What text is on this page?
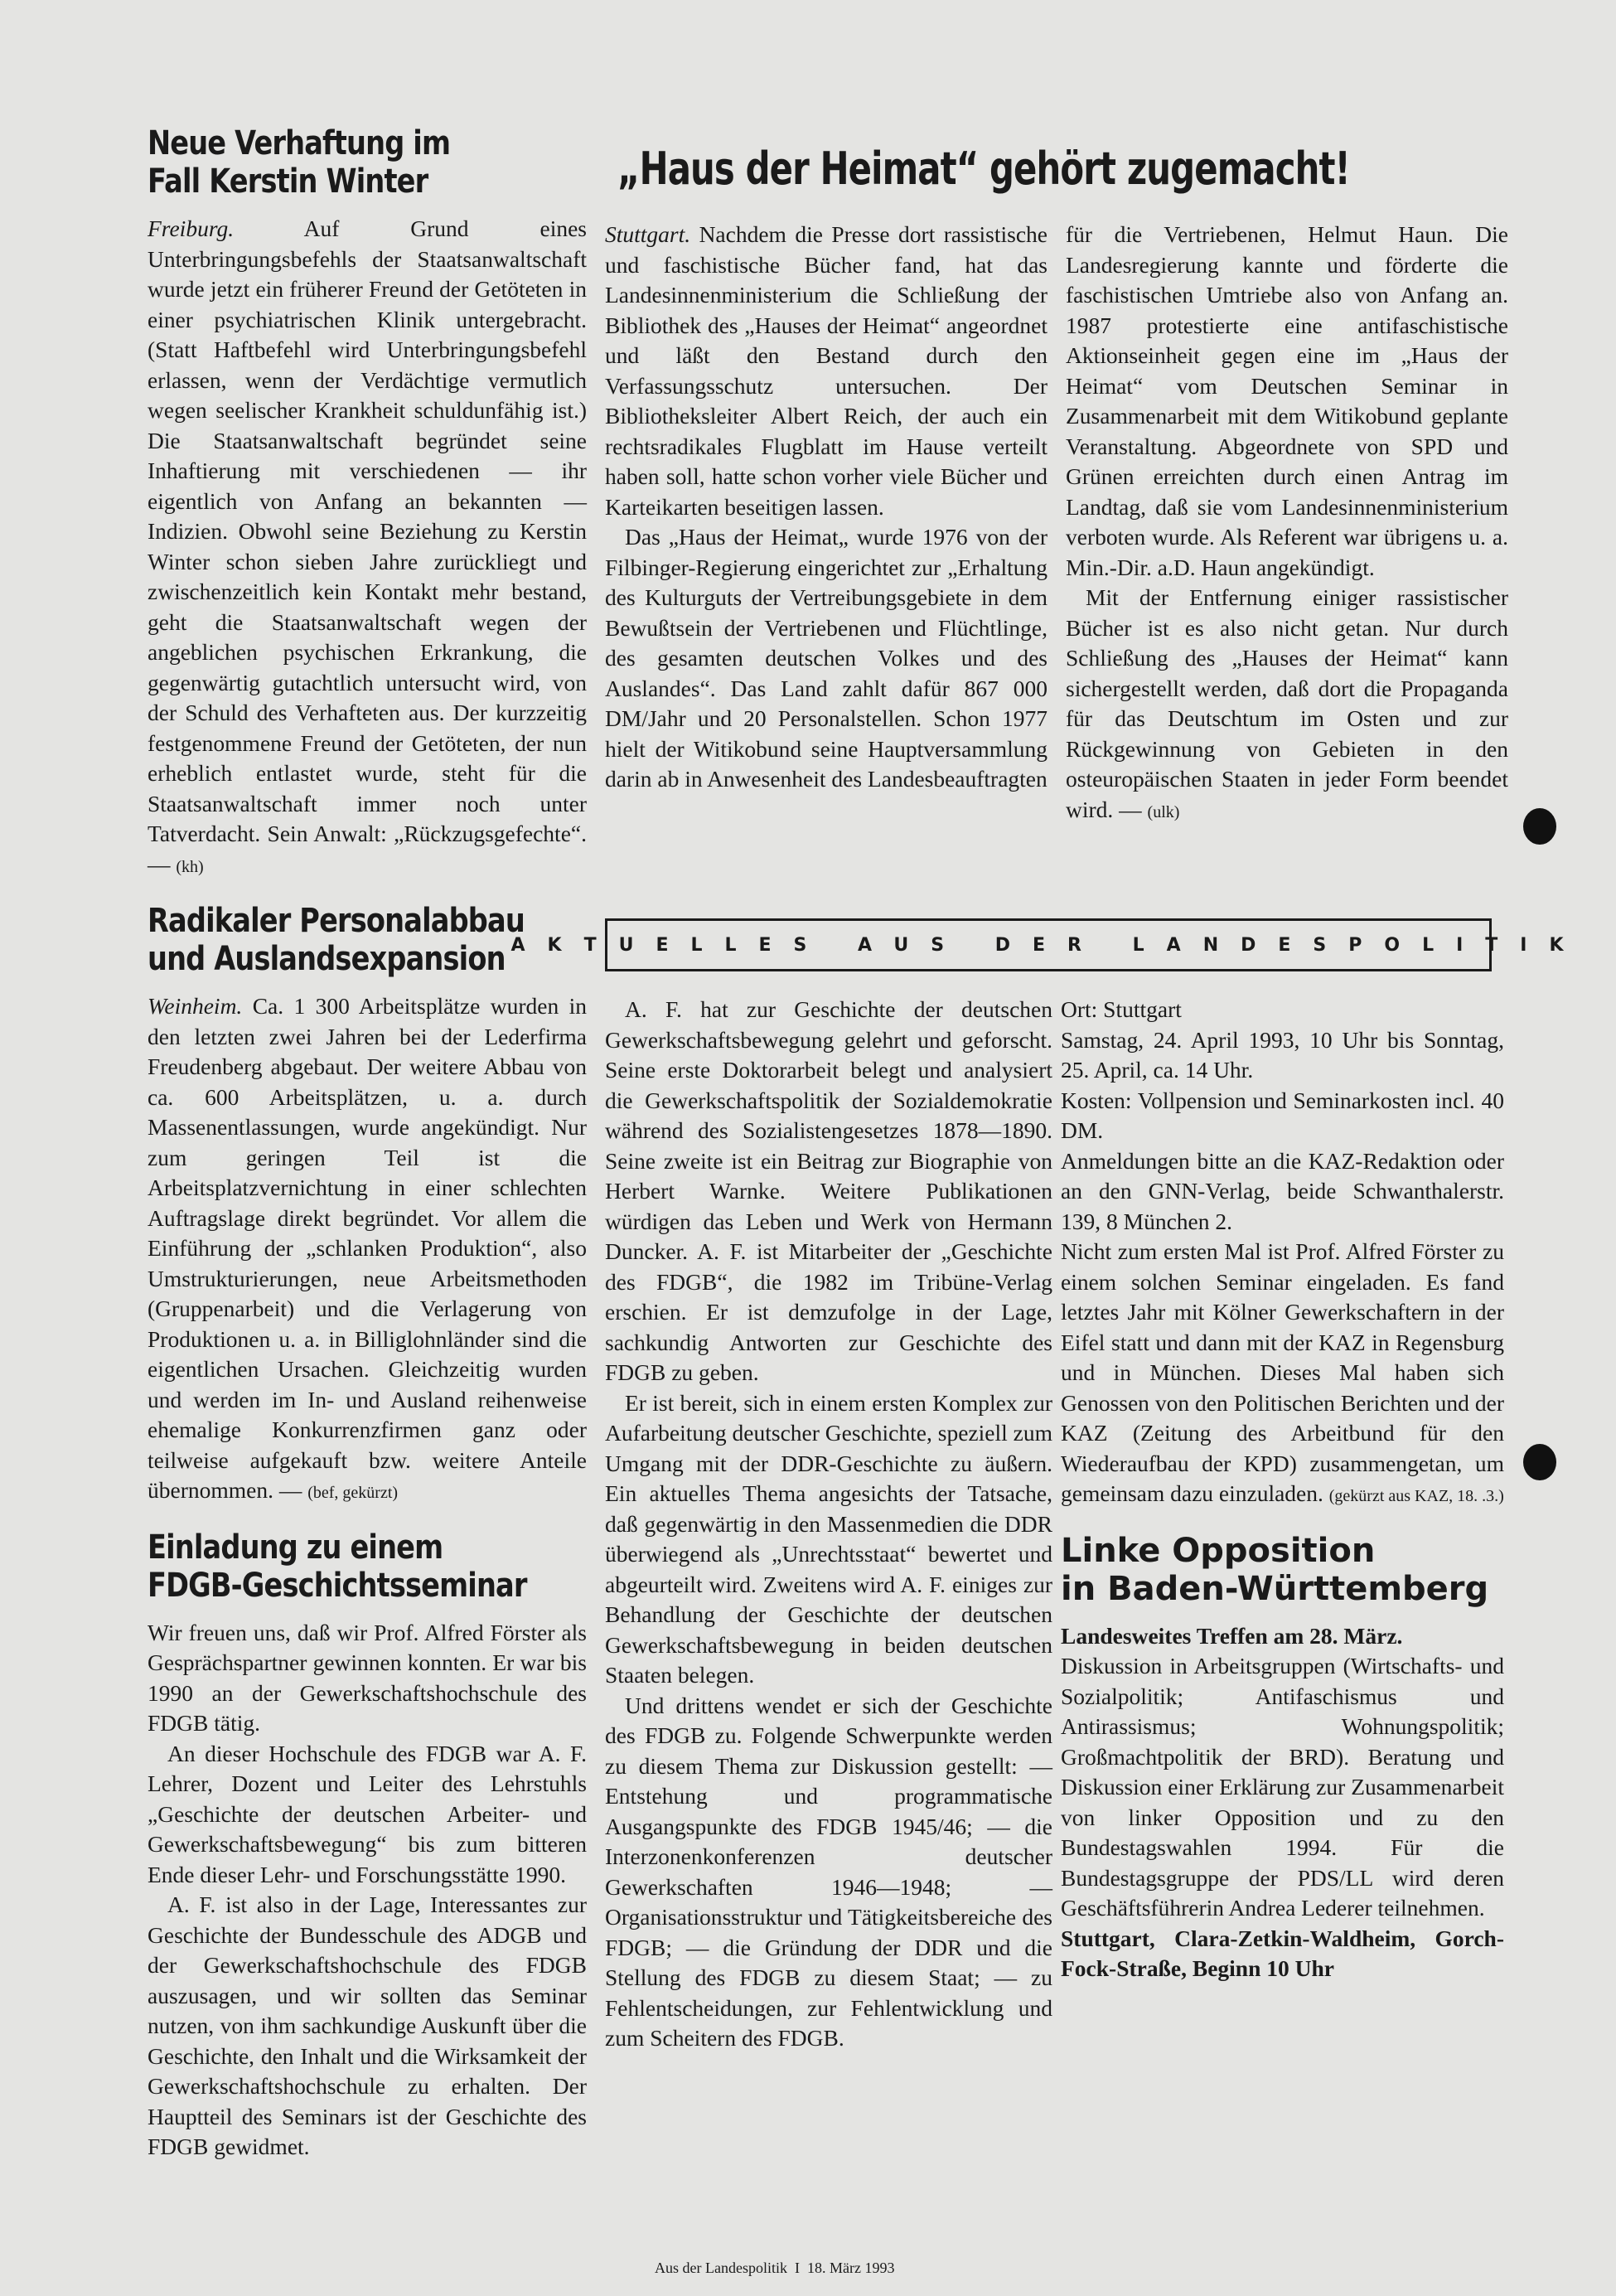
Neue Verhaftung im
Fall Kerstin Winter

Freiburg.	Auf Grund eines Unterbringungsbefehls der Staatsanwaltschaft wurde jetzt ein früherer Freund der Getöteten in einer psychiatrischen Klinik untergebracht. (Statt Haftbefehl wird Unterbringungsbefehl erlassen, wenn der Verdächtige vermutlich wegen seelischer Krankheit schuldunfähig ist.) Die Staatsanwaltschaft begründet seine Inhaftierung mit verschiedenen — ihr eigentlich von Anfang an bekannten — Indizien. Obwohl seine Beziehung zu Kerstin Winter schon sieben Jahre zurückliegt und zwischenzeitlich kein Kontakt mehr bestand, geht die Staatsanwaltschaft wegen der angeblichen psychischen Erkrankung, die gegenwärtig gutachtlich untersucht wird, von der Schuld des Verhafteten aus. Der kurzzeitig festgenommene Freund der Getöteten, der nun erheblich entlastet wurde, steht für die Staatsanwaltschaft immer noch unter Tatverdacht. Sein Anwalt: „Rückzugsgefechte“. — (kh)

Radikaler Personalabbau
und Auslandsexpansion

Weinheim. Ca. 1 300 Arbeitsplätze wurden in den letzten zwei Jahren bei der Lederfirma Freudenberg abgebaut. Der weitere Abbau von ca. 600 Arbeitsplätzen, u. a. durch Massenentlassungen, wurde angekündigt. Nur zum geringen Teil ist die Arbeitsplatzvernichtung in einer schlechten Auftragslage direkt begründet. Vor allem die Einführung der „schlanken Produktion“, also Umstrukturierungen, neue Arbeitsmethoden (Gruppenarbeit) und die Verlagerung von Produktionen u. a. in Billiglohnländer sind die eigentlichen Ursachen. Gleichzeitig wurden und werden im In- und Ausland reihenweise ehemalige Konkurrenzfirmen ganz oder teilweise aufgekauft bzw. weitere Anteile übernommen. — (bef, gekürzt)

Einladung zu einem
FDGB-Geschichtsseminar

Wir freuen uns, daß wir Prof. Alfred Förster als Gesprächspartner gewinnen konnten. Er war bis 1990 an der Gewerkschaftshochschule des FDGB tätig.

An dieser Hochschule des FDGB war A. F. Lehrer, Dozent und Leiter des Lehrstuhls „Geschichte der deutschen Arbeiter- und Gewerkschaftsbewegung“ bis zum bitteren Ende dieser Lehr- und Forschungsstätte 1990.

A. F. ist also in der Lage, Interessantes zur Geschichte der Bundesschule des ADGB und der Gewerkschaftshochschule des FDGB auszusagen, und wir sollten das Seminar nutzen, von ihm sachkundige Auskunft über die Geschichte, den Inhalt und die Wirksamkeit der Gewerkschaftshochschule zu erhalten. Der Hauptteil des Seminars ist der Geschichte des FDGB gewidmet.

„Haus der Heimat“ gehört zugemacht!

Stuttgart. Nachdem die Presse dort rassistische und faschistische Bücher fand, hat das Landesinnenministerium die Schließung der Bibliothek des „Hauses der Heimat“ angeordnet und läßt den Bestand durch den Verfassungsschutz untersuchen. Der Bibliotheksleiter Albert Reich, der auch ein rechtsradikales Flugblatt im Hause verteilt haben soll, hatte schon vorher viele Bücher und Karteikarten beseitigen lassen.

Das „Haus der Heimat„ wurde 1976 von der Filbinger-Regierung eingerichtet zur „Erhaltung des Kulturguts der Vertreibungsgebiete in dem Bewußtsein der Vertriebenen und Flüchtlinge, des gesamten deutschen Volkes und des Auslandes“. Das Land zahlt dafür 867 000 DM/Jahr und 20 Personalstellen. Schon 1977 hielt der Witikobund seine Hauptversammlung darin ab in Anwesenheit des Landesbeauftragten

für die Vertriebenen, Helmut Haun. Die Landesregierung kannte und förderte die faschistischen Umtriebe also von Anfang an. 1987 protestierte eine antifaschistische Aktionseinheit gegen eine im „Haus der Heimat“ vom Deutschen Seminar in Zusammenarbeit mit dem Witikobund geplante Veranstaltung. Abgeordnete von SPD und Grünen erreichten durch einen Antrag im Landtag, daß sie vom Landesinnenministerium verboten wurde. Als Referent war übrigens u. a. Min.-Dir. a.D. Haun angekündigt.

Mit der Entfernung einiger rassistischer Bücher ist es also nicht getan. Nur durch Schließung des „Hauses der Heimat“ kann sichergestellt werden, daß dort die Propaganda für das Deutschtum im Osten und zur Rückgewinnung von Gebieten in den osteuropäischen Staaten in jeder Form beendet wird. — (ulk)

AKTUELLES AUS DER LANDESPOLITIK

A. F. hat zur Geschichte der deutschen Gewerkschaftsbewegung gelehrt und geforscht. Seine erste Doktorarbeit belegt und analysiert die Gewerkschaftspolitik der Sozialdemokratie während des Sozialistengesetzes 1878—1890. Seine zweite ist ein Beitrag zur Biographie von Herbert Warnke. Weitere Publikationen würdigen das Leben und Werk von Hermann Duncker. A. F. ist Mitarbeiter der „Geschichte des FDGB“, die 1982 im Tribüne-Verlag erschien. Er ist demzufolge in der Lage, sachkundig Antworten zur Geschichte des FDGB zu geben.

Er ist bereit, sich in einem ersten Komplex zur Aufarbeitung deutscher Geschichte, speziell zum Umgang mit der DDR-Geschichte zu äußern. Ein aktuelles Thema angesichts der Tatsache, daß gegenwärtig in den Massenmedien die DDR überwiegend als „Unrechtsstaat“ bewertet und abgeurteilt wird. Zweitens wird A. F. einiges zur Behandlung der Geschichte der deutschen Gewerkschaftsbewegung in beiden deutschen Staaten belegen.

Und drittens wendet er sich der Geschichte des FDGB zu. Folgende Schwerpunkte werden zu diesem Thema zur Diskussion gestellt: — Entstehung und programmatische Ausgangspunkte des FDGB 1945/46; — die Interzonenkonferenzen deutscher Gewerkschaften 1946—1948; — Organisationsstruktur und Tätigkeitsbereiche des FDGB; — die Gründung der DDR und die Stellung des FDGB zu diesem Staat; — zu Fehlentscheidungen, zur Fehlentwicklung und zum Scheitern des FDGB.

Ort: Stuttgart

Samstag, 24. April 1993, 10 Uhr bis Sonntag, 25. April, ca. 14 Uhr.

Kosten: Vollpension und Seminarkosten incl. 40 DM.

Anmeldungen bitte an die KAZ-Redaktion oder an den GNN-Verlag, beide Schwanthalerstr. 139, 8 München 2.

Nicht zum ersten Mal ist Prof. Alfred Förster zu einem solchen Seminar eingeladen. Es fand letztes Jahr mit Kölner Gewerkschaftern in der Eifel statt und dann mit der KAZ in Regensburg und in München. Dieses Mal haben sich Genossen von den Politischen Berichten und der KAZ (Zeitung des Arbeitbund für den Wiederaufbau der KPD) zusammengetan, um gemeinsam dazu einzuladen. (gekürzt aus KAZ, 18. .3.)

Linke Opposition
in Baden-Württemberg

Landesweites Treffen am 28. März.

Diskussion in Arbeitsgruppen (Wirtschafts- und Sozialpolitik; Antifaschismus und Antirassismus; Wohnungspolitik; Großmachtpolitik der BRD). Beratung und Diskussion einer Erklärung zur Zusammenarbeit von linker Opposition und zu den Bundestagswahlen 1994. Für die Bundestagsgruppe der PDS/LL wird deren Geschäftsführerin Andrea Lederer teilnehmen.

Stuttgart, Clara-Zetkin-Waldheim, Gorch-Fock-Straße, Beginn 10 Uhr

Aus der Landespolitik I 18. März 1993
